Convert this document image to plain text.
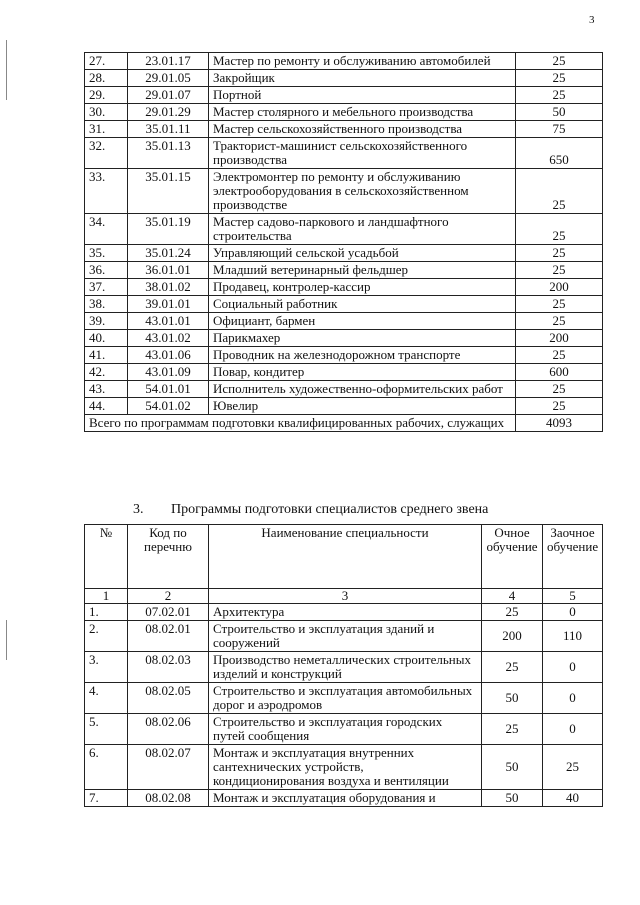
3
27.	23.01.17	Мастер по ремонту и обслуживанию автомобилей	25
28.	29.01.05	Закройщик	25
29.	29.01.07	Портной	25
30.	29.01.29	Мастер столярного и мебельного производства	50
31.	35.01.11	Мастер сельскохозяйственного производства	75
32.	35.01.13	Тракторист-машинист сельскохозяйственного производства	650
33.	35.01.15	Электромонтер по ремонту и обслуживанию электрооборудования в сельскохозяйственном производстве	25
34.	35.01.19	Мастер садово-паркового и ландшафтного строительства	25
35.	35.01.24	Управляющий сельской усадьбой	25
36.	36.01.01	Младший ветеринарный фельдшер	25
37.	38.01.02	Продавец, контролер-кассир	200
38.	39.01.01	Социальный работник	25
39.	43.01.01	Официант, бармен	25
40.	43.01.02	Парикмахер	200
41.	43.01.06	Проводник на железнодорожном транспорте	25
42.	43.01.09	Повар, кондитер	600
43.	54.01.01	Исполнитель художественно-оформительских работ	25
44.	54.01.02	Ювелир	25
Всего по программам подготовки квалифицированных рабочих, служащих			4093
3. Программы подготовки специалистов среднего звена
№	Код по перечню	Наименование специальности	Очное обучение	Заочное обучение
1	2	3	4	5
1.	07.02.01	Архитектура	25	0
2.	08.02.01	Строительство и эксплуатация зданий и сооружений	200	110
3.	08.02.03	Производство неметаллических строительных изделий и конструкций	25	0
4.	08.02.05	Строительство и эксплуатация автомобильных дорог и аэродромов	50	0
5.	08.02.06	Строительство и эксплуатация городских путей сообщения	25	0
6.	08.02.07	Монтаж и эксплуатация внутренних сантехнических устройств, кондиционирования воздуха и вентиляции	50	25
7.	08.02.08	Монтаж и эксплуатация оборудования и	50	40
